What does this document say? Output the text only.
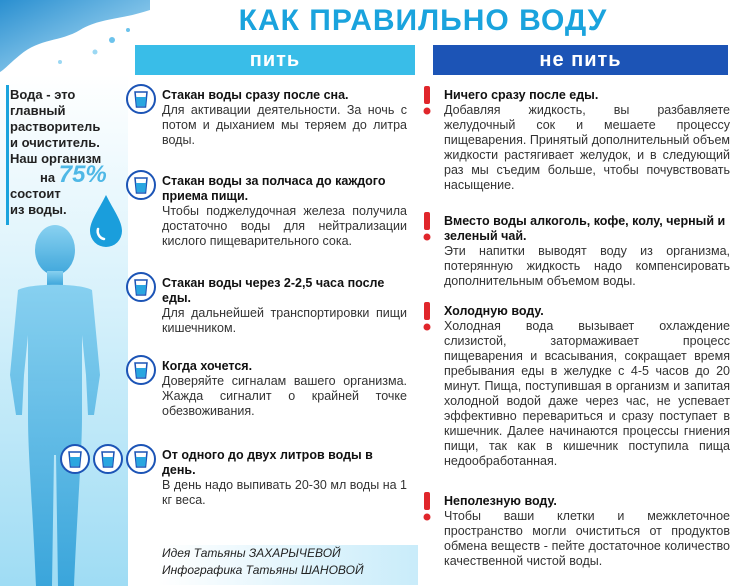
КАК ПРАВИЛЬНО ВОДУ
пить	не пить
Вода - это
главный
растворитель
и очиститель.
Наш организм
на 75%
состоит
из воды.
Стакан воды сразу после сна.
Для активации деятельности. За ночь с потом и дыханием мы теряем до литра воды.
Стакан воды за полчаса до каждого приема пищи.
Чтобы поджелудочная железа получила достаточно воды для нейтрализации кислого пищеварительного сока.
Стакан воды через 2-2,5 часа после еды.
Для дальнейшей транспортировки пищи кишечником.
Когда хочется.
Доверяйте сигналам вашего организма. Жажда сигналит о крайней точке обезвоживания.
От одного до двух литров воды в день.
В день надо выпивать 20-30 мл воды на 1 кг веса.
Ничего сразу после еды.
Добавляя жидкость, вы разбавляете желудочный сок и мешаете процессу пищеварения. Принятый дополнительный объем жидкости растягивает желудок, и в следующий раз мы съедим больше, чтобы почувствовать насыщение.
Вместо воды алкоголь, кофе, колу, черный и зеленый чай.
Эти напитки выводят воду из организма, потерянную жидкость надо компенсировать дополнительным объемом воды.
Холодную воду.
Холодная вода вызывает охлаждение слизистой, затормаживает процесс пищеварения и всасывания, сокращает время пребывания еды в желудке с 4-5 часов до 20 минут. Пища, поступившая в организм и запитая холодной водой даже через час, не успевает эффективно перевариться и сразу поступает в кишечник. Далее начинаются процессы гниения пищи, так как в кишечник поступила пища недообработанная.
Неполезную воду.
Чтобы ваши клетки и межклеточное пространство могли очиститься от продуктов обмена веществ - пейте достаточное количество качественной чистой воды.
Идея Татьяны ЗАХАРЫЧЕВОЙ
Инфографика Татьяны ШАНОВОЙ
